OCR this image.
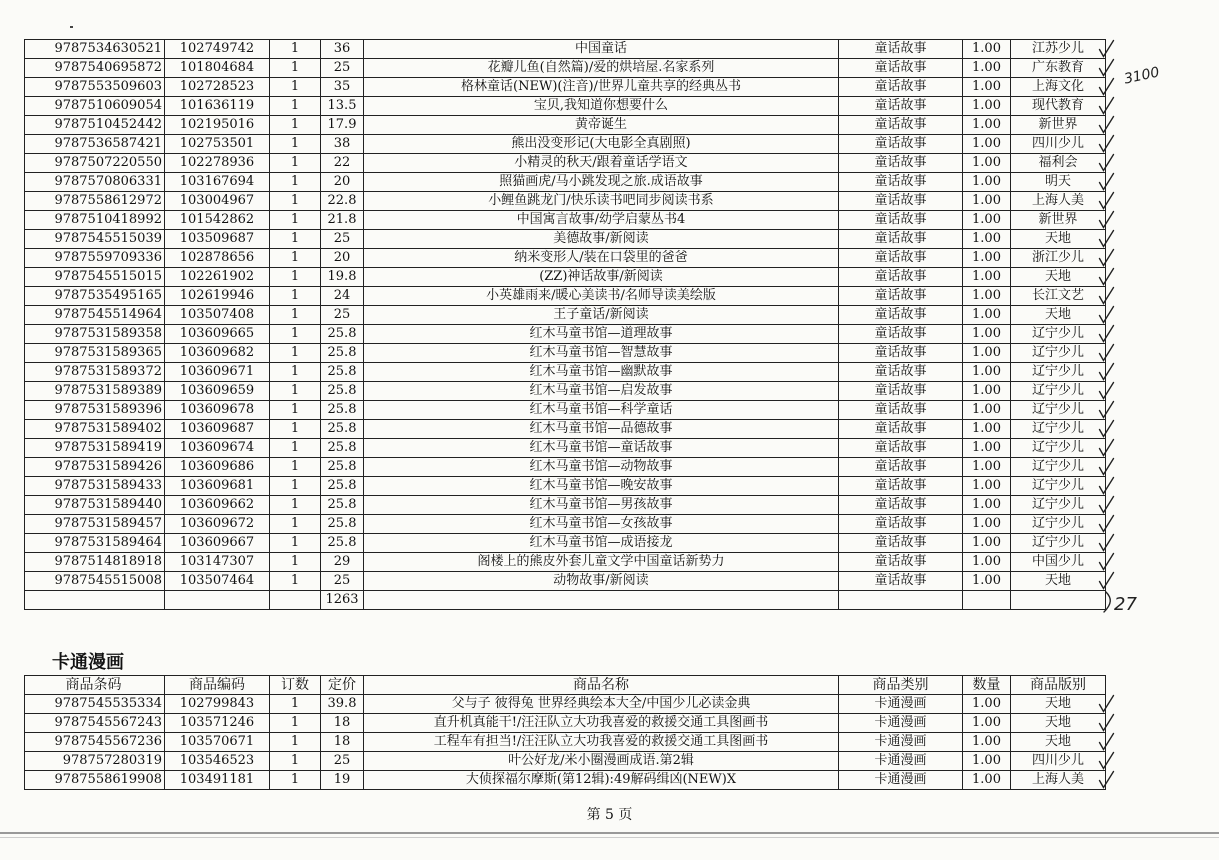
9787534630521	102749742	1	36	中国童话	童话故事	1.00	江苏少儿
9787540695872	101804684	1	25	花瓣儿鱼(自然篇)/爱的烘培屋.名家系列	童话故事	1.00	广东教育
9787553509603	102728523	1	35	格林童话(NEW)(注音)/世界儿童共享的经典丛书	童话故事	1.00	上海文化
9787510609054	101636119	1	13.5	宝贝,我知道你想要什么	童话故事	1.00	现代教育
9787510452442	102195016	1	17.9	黄帝诞生	童话故事	1.00	新世界
9787536587421	102753501	1	38	熊出没变形记(大电影全真剧照)	童话故事	1.00	四川少儿
9787507220550	102278936	1	22	小精灵的秋天/跟着童话学语文	童话故事	1.00	福利会
9787570806331	103167694	1	20	照猫画虎/马小跳发现之旅.成语故事	童话故事	1.00	明天
9787558612972	103004967	1	22.8	小鲤鱼跳龙门/快乐读书吧同步阅读书系	童话故事	1.00	上海人美
9787510418992	101542862	1	21.8	中国寓言故事/幼学启蒙丛书4	童话故事	1.00	新世界
9787545515039	103509687	1	25	美德故事/新阅读	童话故事	1.00	天地
9787559709336	102878656	1	20	纳米变形人/装在口袋里的爸爸	童话故事	1.00	浙江少儿
9787545515015	102261902	1	19.8	(ZZ)神话故事/新阅读	童话故事	1.00	天地
9787535495165	102619946	1	24	小英雄雨来/暖心美读书/名师导读美绘版	童话故事	1.00	长江文艺
9787545514964	103507408	1	25	王子童话/新阅读	童话故事	1.00	天地
9787531589358	103609665	1	25.8	红木马童书馆—道理故事	童话故事	1.00	辽宁少儿
9787531589365	103609682	1	25.8	红木马童书馆—智慧故事	童话故事	1.00	辽宁少儿
9787531589372	103609671	1	25.8	红木马童书馆—幽默故事	童话故事	1.00	辽宁少儿
9787531589389	103609659	1	25.8	红木马童书馆—启发故事	童话故事	1.00	辽宁少儿
9787531589396	103609678	1	25.8	红木马童书馆—科学童话	童话故事	1.00	辽宁少儿
9787531589402	103609687	1	25.8	红木马童书馆—品德故事	童话故事	1.00	辽宁少儿
9787531589419	103609674	1	25.8	红木马童书馆—童话故事	童话故事	1.00	辽宁少儿
9787531589426	103609686	1	25.8	红木马童书馆—动物故事	童话故事	1.00	辽宁少儿
9787531589433	103609681	1	25.8	红木马童书馆—晚安故事	童话故事	1.00	辽宁少儿
9787531589440	103609662	1	25.8	红木马童书馆—男孩故事	童话故事	1.00	辽宁少儿
9787531589457	103609672	1	25.8	红木马童书馆—女孩故事	童话故事	1.00	辽宁少儿
9787531589464	103609667	1	25.8	红木马童书馆—成语接龙	童话故事	1.00	辽宁少儿
9787514818918	103147307	1	29	阁楼上的熊皮外套儿童文学中国童话新势力	童话故事	1.00	中国少儿
9787545515008	103507464	1	25	动物故事/新阅读	童话故事	1.00	天地
			1263				
卡通漫画
商品条码	商品编码	订数	定价	商品名称	商品类别	数量	商品版别
9787545535334	102799843	1	39.8	父与子 彼得兔 世界经典绘本大全/中国少儿必读金典	卡通漫画	1.00	天地
9787545567243	103571246	1	18	直升机真能干!/汪汪队立大功我喜爱的救援交通工具图画书	卡通漫画	1.00	天地
9787545567236	103570671	1	18	工程车有担当!/汪汪队立大功我喜爱的救援交通工具图画书	卡通漫画	1.00	天地
978757280319	103546523	1	25	叶公好龙/米小圈漫画成语.第2辑	卡通漫画	1.00	四川少儿
9787558619908	103491181	1	19	大侦探福尔摩斯(第12辑):49解码缉凶(NEW)X	卡通漫画	1.00	上海人美
第 5 页
3100
27
